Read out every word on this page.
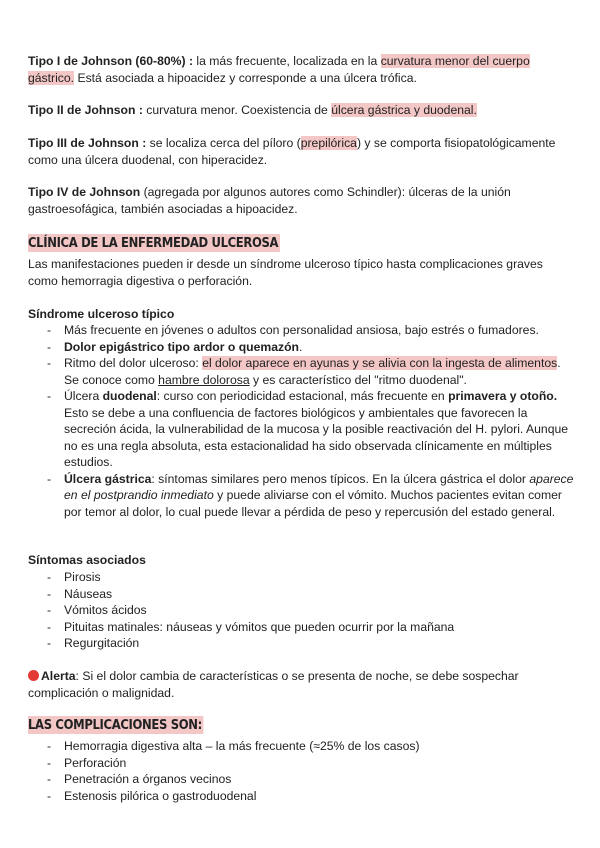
Tipo I de Johnson (60-80%) : la más frecuente, localizada en la curvatura menor del cuerpo gástrico. Está asociada a hipoacidez y corresponde a una úlcera trófica.

Tipo II de Johnson : curvatura menor. Coexistencia de úlcera gástrica y duodenal.

Tipo III de Johnson : se localiza cerca del píloro (prepilórica) y se comporta fisiopatológicamente como una úlcera duodenal, con hiperacidez.

Tipo IV de Johnson (agregada por algunos autores como Schindler): úlceras de la unión gastroesofágica, también asociadas a hipoacidez.

CLÍNICA DE LA ENFERMEDAD ULCEROSA

Las manifestaciones pueden ir desde un síndrome ulceroso típico hasta complicaciones graves como hemorragia digestiva o perforación.

Síndrome ulceroso típico

- Más frecuente en jóvenes o adultos con personalidad ansiosa, bajo estrés o fumadores.
- Dolor epigástrico tipo ardor o quemazón.
- Ritmo del dolor ulceroso: el dolor aparece en ayunas y se alivia con la ingesta de alimentos. Se conoce como hambre dolorosa y es característico del "ritmo duodenal".
- Úlcera duodenal: curso con periodicidad estacional, más frecuente en primavera y otoño. Esto se debe a una confluencia de factores biológicos y ambientales que favorecen la secreción ácida, la vulnerabilidad de la mucosa y la posible reactivación del H. pylori. Aunque no es una regla absoluta, esta estacionalidad ha sido observada clínicamente en múltiples estudios.
- Úlcera gástrica: síntomas similares pero menos típicos. En la úlcera gástrica el dolor aparece en el postprandio inmediato y puede aliviarse con el vómito. Muchos pacientes evitan comer por temor al dolor, lo cual puede llevar a pérdida de peso y repercusión del estado general.

Síntomas asociados

- Pirosis
- Náuseas
- Vómitos ácidos
- Pituitas matinales: náuseas y vómitos que pueden ocurrir por la mañana
- Regurgitación

Alerta: Si el dolor cambia de características o se presenta de noche, se debe sospechar complicación o malignidad.

LAS COMPLICACIONES SON:
- Hemorragia digestiva alta – la más frecuente (≈25% de los casos)
- Perforación
- Penetración a órganos vecinos
- Estenosis pilórica o gastroduodenal
